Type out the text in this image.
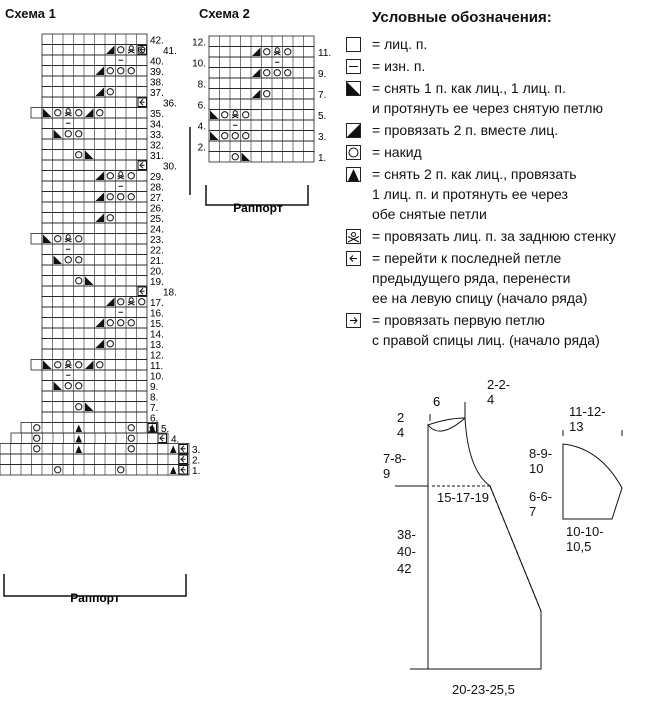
Схема 1	Схема 2
42.
41.
40.
39.
38.
37.
36.
35.
34.
33.
32.
31.
30.
29.
28.
27.
26.
25.
24.
23.
22.
21.
20.
19.
18.
17.
16.
15.
14.
13.
12.
11.
10.
9.
8.
7.
6.
5.
4.
3.
2.
1.
12.
10.
8.
6.
4.
2.
11.
9.
7.
5.
3.
1.
Раппорт
Раппорт
6
2-2-
4
2
4
7-8-
9
15-17-19
38-
40-
42
20-23-25,5
11-12-
13
8-9-
10
6-6-
7
10-10-
10,5
Условные обозначения:
= лиц. п.
= изн. п.
= снять 1 п. как лиц., 1 лиц. п.
и протянуть ее через снятую петлю
= провязать 2 п. вместе лиц.
= накид
= снять 2 п. как лиц., провязать
1 лиц. п. и протянуть ее через
обе снятые петли
= провязать лиц. п. за заднюю стенку
= перейти к последней петле
предыдущего ряда, перенести
ее на левую спицу (начало ряда)
= провязать первую петлю
с правой спицы лиц. (начало ряда)
